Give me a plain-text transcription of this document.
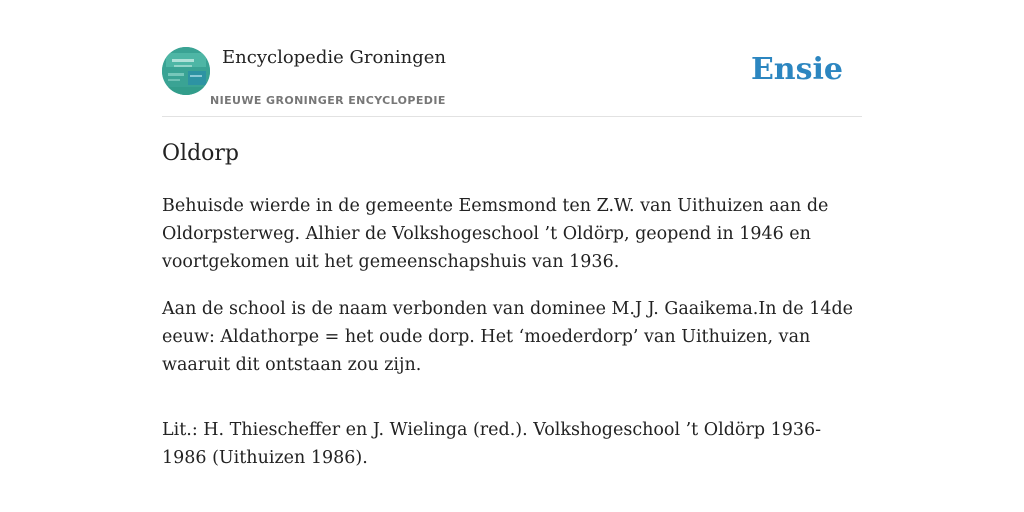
Encyclopedie Groningen
NIEUWE GRONINGER ENCYCLOPEDIE
Ensie
Oldorp

Behuisde wierde in de gemeente Eemsmond ten Z.W. van Uithuizen aan de Oldorpsterweg. Alhier de Volkshogeschool ’t Oldörp, geopend in 1946 en voortgekomen uit het gemeenschapshuis van 1936.

Aan de school is de naam verbonden van dominee M.J J. Gaaikema.In de 14de eeuw: Aldathorpe = het oude dorp. Het ‘moederdorp’ van Uithuizen, van waaruit dit ontstaan zou zijn.

Lit.: H. Thiescheffer en J. Wielinga (red.). Volkshogeschool ’t Oldörp 1936-1986 (Uithuizen 1986).
